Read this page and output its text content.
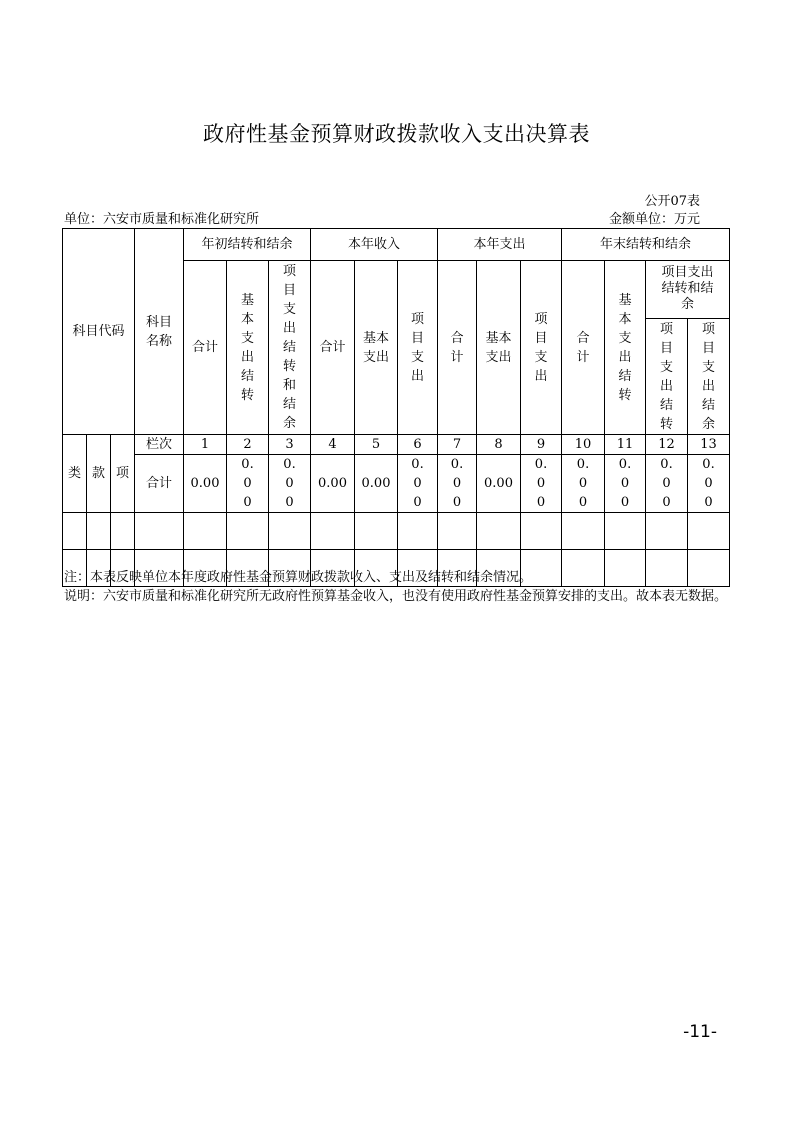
政府性基金预算财政拨款收入支出决算表
公开07表
单位：六安市质量和标准化研究所	金额单位：万元
科目代码			科目名称	年初结转和结余			本年收入			本年支出			年末结转和结余			
				合计	基本支出结转	项目支出结转和结余	合计	基本支出	项目支出	合计	基本支出	项目支出	合计	基本支出结转	项目支出结转和结余	
															项目支出结转	项目支出结余
类	款	项	栏次	1	2	3	4	5	6	7	8	9	10	11	12	13
			合计	0.00	0.00	0.00	0.00	0.00	0.00	0.00	0.00	0.00	0.00	0.00	0.00	0.00

注：本表反映单位本年度政府性基金预算财政拨款收入、支出及结转和结余情况。
说明：六安市质量和标准化研究所无政府性预算基金收入，也没有使用政府性基金预算安排的支出。故本表无数据。
-11-
